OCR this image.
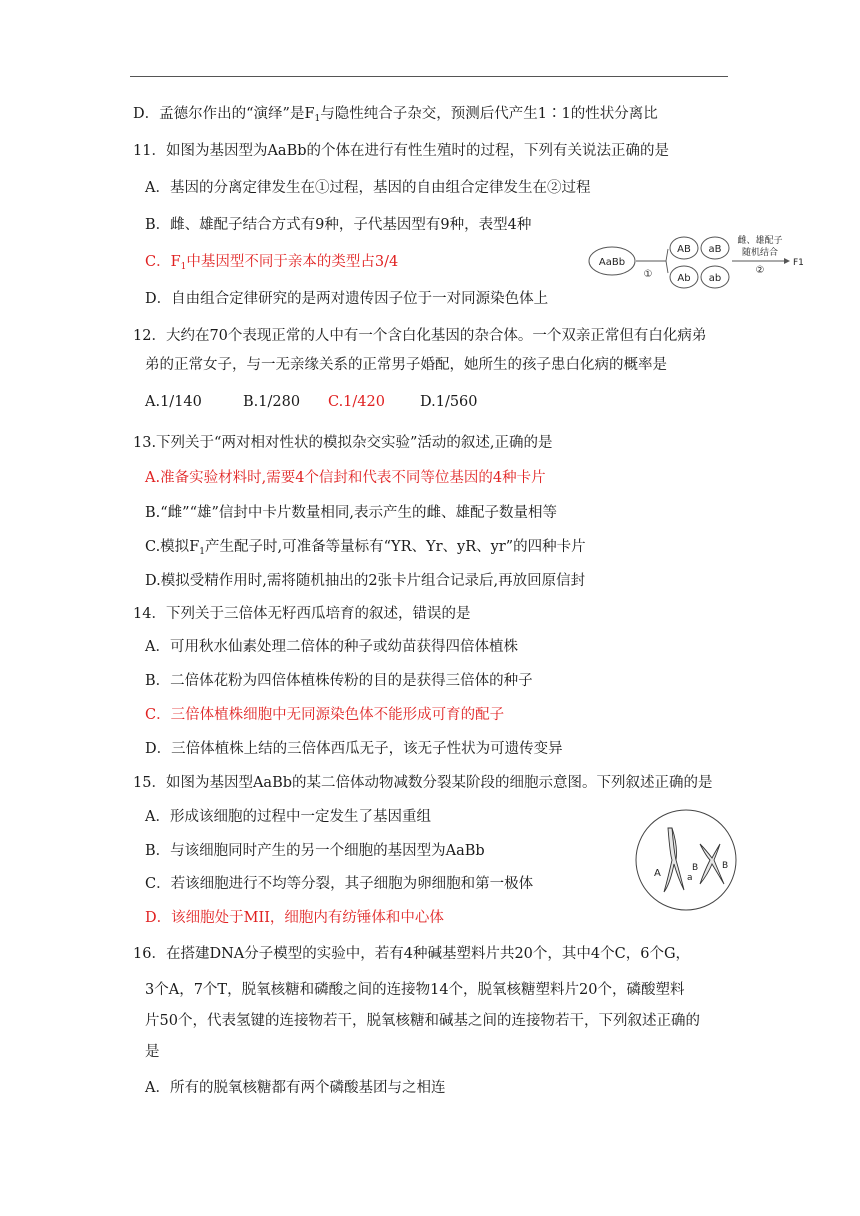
D．孟德尔作出的“演绎”是$F_1$与隐性纯合子杂交，预测后代产生1∶1的性状分离比
11．如图为基因型为AaBb的个体在进行有性生殖时的过程，下列有关说法正确的是
A．基因的分离定律发生在①过程，基因的自由组合定律发生在②过程
B．雌、雄配子结合方式有9种，子代基因型有9种，表型4种
C．$F_1$中基因型不同于亲本的类型占3/4
D．自由组合定律研究的是两对遗传因子位于一对同源染色体上
AaBb
①
AB aB
Ab ab
雌、雄配子
随机结合
②
F1
12．大约在70个表现正常的人中有一个含白化基因的杂合体。一个双亲正常但有白化病弟
弟的正常女子，与一无亲缘关系的正常男子婚配，她所生的孩子患白化病的概率是
A.1/140	B.1/280	C.1/420	D.1/560
13.下列关于“两对相对性状的模拟杂交实验”活动的叙述,正确的是
A.准备实验材料时,需要4个信封和代表不同等位基因的4种卡片
B.“雌”“雄”信封中卡片数量相同,表示产生的雌、雄配子数量相等
C.模拟$F_1$产生配子时,可准备等量标有“YR、Yr、yR、yr”的四种卡片
D.模拟受精作用时,需将随机抽出的2张卡片组合记录后,再放回原信封
14．下列关于三倍体无籽西瓜培育的叙述，错误的是
A．可用秋水仙素处理二倍体的种子或幼苗获得四倍体植株
B．二倍体花粉为四倍体植株传粉的目的是获得三倍体的种子
C．三倍体植株细胞中无同源染色体不能形成可育的配子
D．三倍体植株上结的三倍体西瓜无子，该无子性状为可遗传变异
15．如图为基因型AaBb的某二倍体动物减数分裂某阶段的细胞示意图。下列叙述正确的是
A．形成该细胞的过程中一定发生了基因重组
B．与该细胞同时产生的另一个细胞的基因型为AaBb
C．若该细胞进行不均等分裂，其子细胞为卵细胞和第一极体
D．该细胞处于MII，细胞内有纺锤体和中心体
A	a
B	B
16．在搭建DNA分子模型的实验中，若有4种碱基塑料片共20个，其中4个C，6个G，
3个A，7个T，脱氧核糖和磷酸之间的连接物14个，脱氧核糖塑料片20个，磷酸塑料
片50个，代表氢键的连接物若干，脱氧核糖和碱基之间的连接物若干，下列叙述正确的
是
A．所有的脱氧核糖都有两个磷酸基团与之相连
